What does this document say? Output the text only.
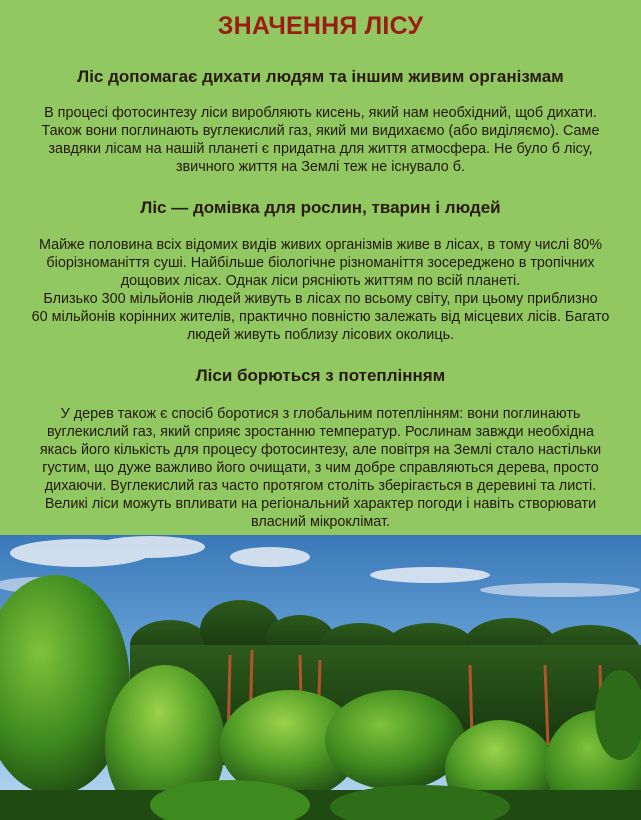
ЗНАЧЕННЯ ЛІСУ
Ліс допомагає дихати людям та іншим живим організмам
В процесі фотосинтезу ліси виробляють кисень, який нам необхідний, щоб дихати.
Також вони поглинають вуглекислий газ, який ми видихаємо (або виділяємо). Саме
завдяки лісам на нашій планеті є придатна для життя атмосфера. Не було б лісу,
звичного життя на Землі теж не існувало б.
Ліс — домівка для рослин, тварин і людей
Майже половина всіх відомих видів живих організмів живе в лісах, в тому числі 80%
біорізноманіття суші. Найбільше біологічне різноманіття зосереджено в тропічних
дощових лісах. Однак ліси рясніють життям по всій планеті.
Близько 300 мільйонів людей живуть в лісах по всьому світу, при цьому приблизно
60 мільйонів корінних жителів, практично повністю залежать від місцевих лісів. Багато
людей живуть поблизу лісових околиць.
Ліси борються з потеплінням
У дерев також є спосіб боротися з глобальним потеплінням: вони поглинають
вуглекислий газ, який сприяє зростанню температур. Рослинам завжди необхідна
якась його кількість для процесу фотосинтезу, але повітря на Землі стало настільки
густим, що дуже важливо його очищати, з чим добре справляються дерева, просто
дихаючи. Вуглекислий газ часто протягом століть зберігається в деревині та листі.
Великі ліси можуть впливати на регіональний характер погоди і навіть створювати
власний мікроклімат.
